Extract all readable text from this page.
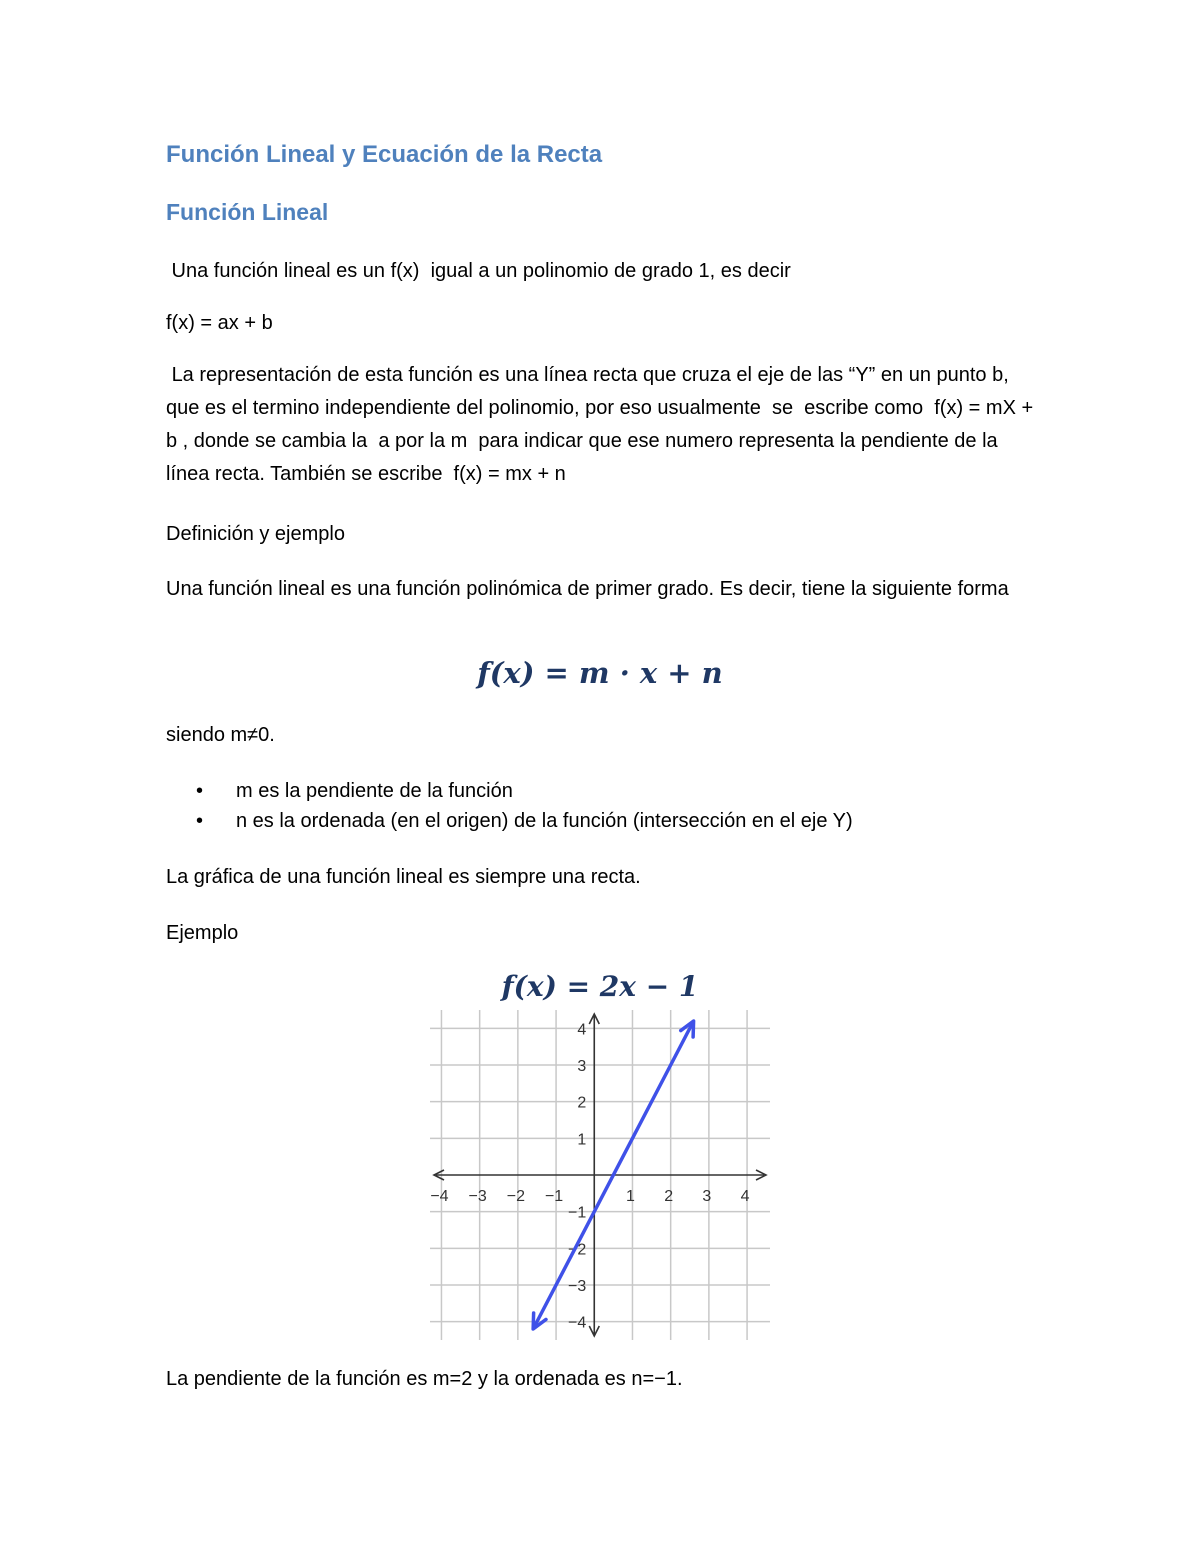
Función Lineal y Ecuación de la Recta
Función Lineal

Una función lineal es un f(x)  igual a un polinomio de grado 1, es decir

f(x) = ax + b

La representación de esta función es una línea recta que cruza el eje de las “Y” en un punto b, que es el termino independiente del polinomio, por eso usualmente  se  escribe como  f(x) = mX + b , donde se cambia la  a por la m  para indicar que ese numero representa la pendiente de la línea recta. También se escribe  f(x) = mx + n

Definición y ejemplo

Una función lineal es una función polinómica de primer grado. Es decir, tiene la siguiente forma

f(x) = m · x + n

siendo m≠0.

• m es la pendiente de la función
• n es la ordenada (en el origen) de la función (intersección en el eje Y)

La gráfica de una función lineal es siempre una recta.

Ejemplo

f(x) = 2x − 1

−4 −3 −2 −1	1 2 3 4
4
3
2
1
−1
−2
−3
−4

La pendiente de la función es m=2 y la ordenada es n=−1.
